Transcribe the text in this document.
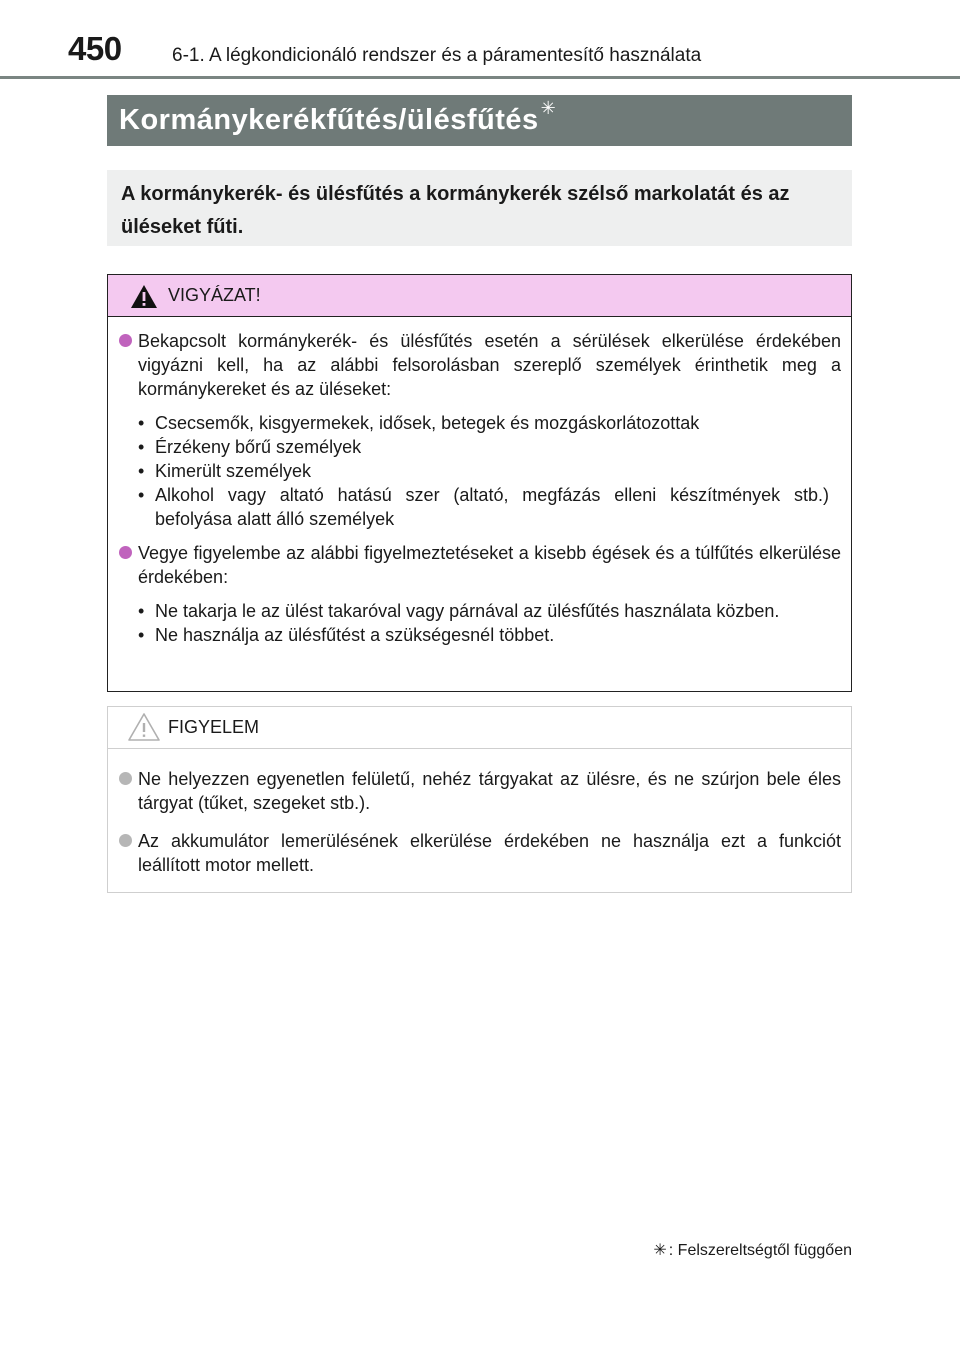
450	6-1. A légkondicionáló rendszer és a páramentesítő használata
Kormánykerékfűtés/ülésfűtés ✳
A kormánykerék- és ülésfűtés a kormánykerék szélső markolatát és az üléseket fűti.
VIGYÁZAT!
Bekapcsolt kormánykerék- és ülésfűtés esetén a sérülések elkerülése érdekében vigyázni kell, ha az alábbi felsorolásban szereplő személyek érinthetik meg a kormánykereket és az üléseket:
• Csecsemők, kisgyermekek, idősek, betegek és mozgáskorlátozottak
• Érzékeny bőrű személyek
• Kimerült személyek
• Alkohol vagy altató hatású szer (altató, megfázás elleni készítmények stb.) befolyása alatt álló személyek
Vegye figyelembe az alábbi figyelmeztetéseket a kisebb égések és a túlfűtés elkerülése érdekében:
• Ne takarja le az ülést takaróval vagy párnával az ülésfűtés használata közben.
• Ne használja az ülésfűtést a szükségesnél többet.
FIGYELEM
Ne helyezzen egyenetlen felületű, nehéz tárgyakat az ülésre, és ne szúrjon bele éles tárgyat (tűket, szegeket stb.).
Az akkumulátor lemerülésének elkerülése érdekében ne használja ezt a funkciót leállított motor mellett.
✳ : Felszereltségtől függően
